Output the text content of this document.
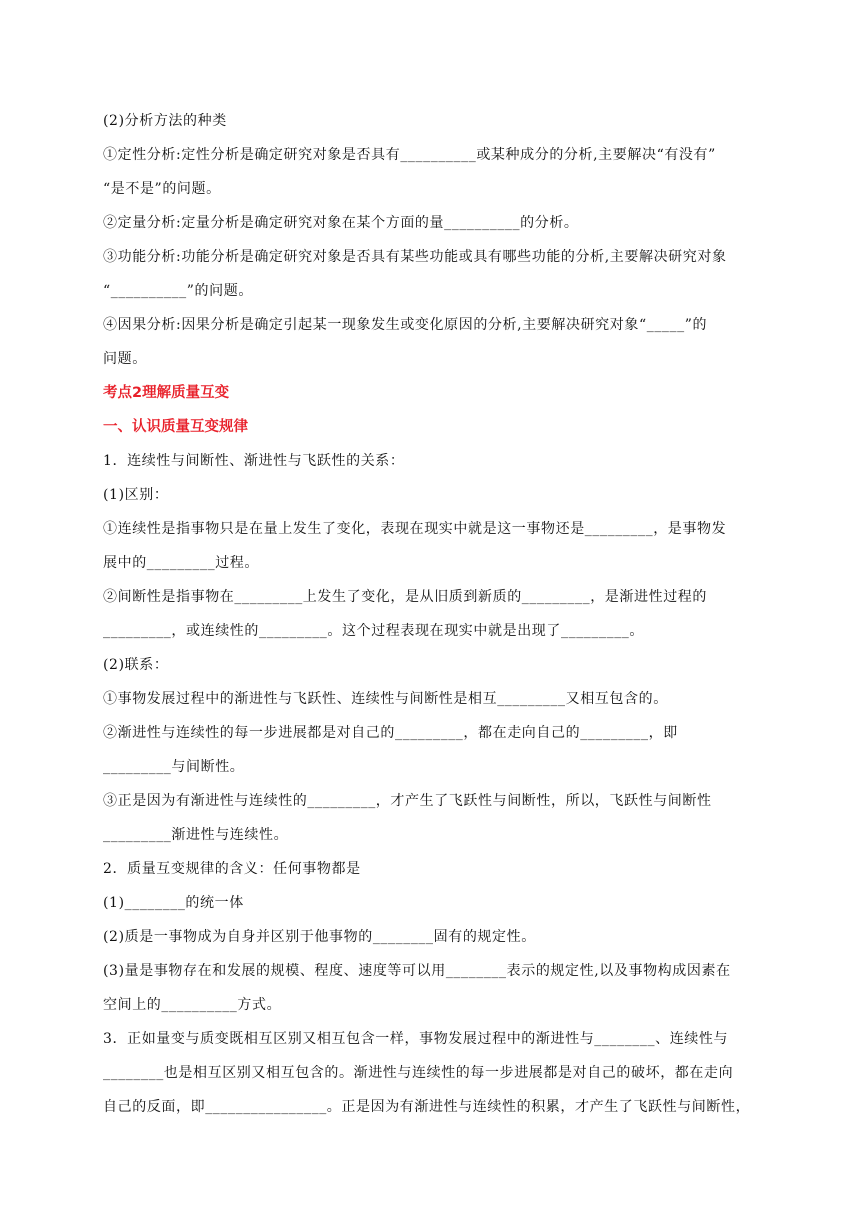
(2)分析方法的种类
①定性分析:定性分析是确定研究对象是否具有__________或某种成分的分析,主要解决“有没有”
“是不是”的问题。
②定量分析:定量分析是确定研究对象在某个方面的量__________的分析。
③功能分析:功能分析是确定研究对象是否具有某些功能或具有哪些功能的分析,主要解决研究对象
“__________”的问题。
④因果分析:因果分析是确定引起某一现象发生或变化原因的分析,主要解决研究对象“_____”的
问题。
考点2理解质量互变
一、认识质量互变规律
1．连续性与间断性、渐进性与飞跃性的关系：
(1)区别：
①连续性是指事物只是在量上发生了变化，表现在现实中就是这一事物还是_________，是事物发
展中的_________过程。
②间断性是指事物在_________上发生了变化，是从旧质到新质的_________，是渐进性过程的
_________，或连续性的_________。这个过程表现在现实中就是出现了_________。
(2)联系：
①事物发展过程中的渐进性与飞跃性、连续性与间断性是相互_________又相互包含的。
②渐进性与连续性的每一步进展都是对自己的_________，都在走向自己的_________，即
_________与间断性。
③正是因为有渐进性与连续性的_________，才产生了飞跃性与间断性，所以，飞跃性与间断性
_________渐进性与连续性。
2．质量互变规律的含义：任何事物都是
(1)________的统一体
(2)质是一事物成为自身并区别于他事物的________固有的规定性。
(3)量是事物存在和发展的规模、程度、速度等可以用________表示的规定性,以及事物构成因素在
空间上的__________方式。
3．正如量变与质变既相互区别又相互包含一样，事物发展过程中的渐进性与________、连续性与
________也是相互区别又相互包含的。渐进性与连续性的每一步进展都是对自己的破坏，都在走向
自己的反面，即________________。正是因为有渐进性与连续性的积累，才产生了飞跃性与间断性，
